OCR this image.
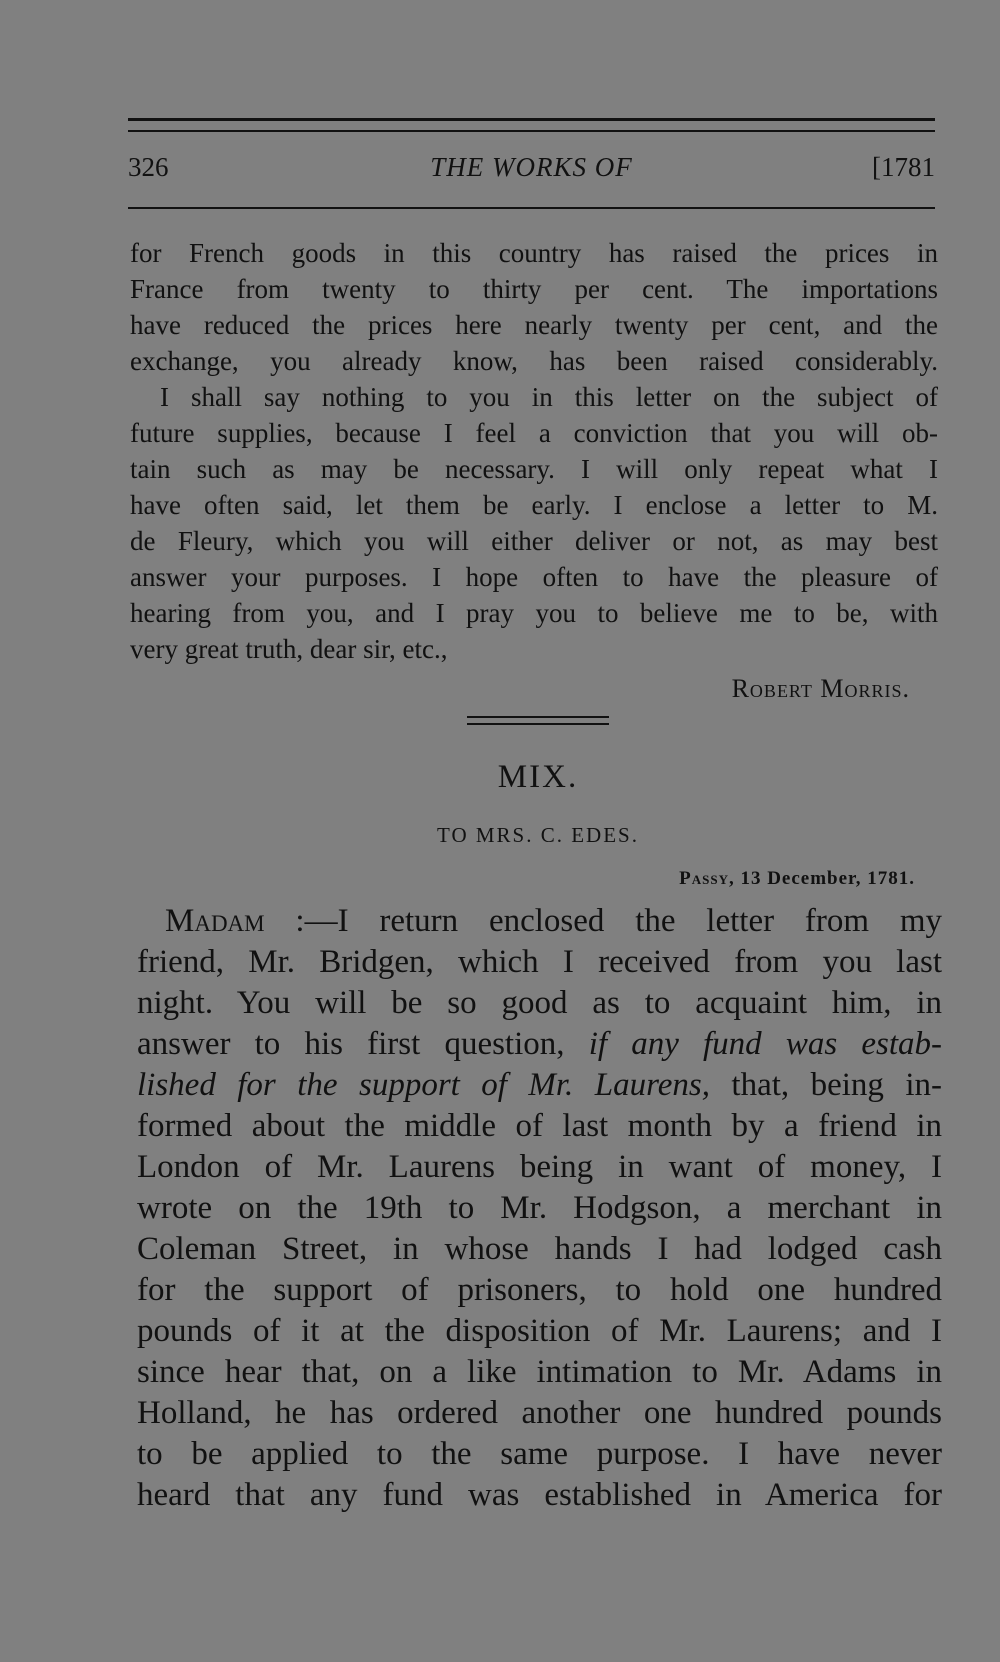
326	THE WORKS OF	[1781
for French goods in this country has raised the prices in
France from twenty to thirty per cent. The importations
have reduced the prices here nearly twenty per cent, and the
exchange, you already know, has been raised considerably.
I shall say nothing to you in this letter on the subject of
future supplies, because I feel a conviction that you will ob-
tain such as may be necessary. I will only repeat what I
have often said, let them be early. I enclose a letter to M.
de Fleury, which you will either deliver or not, as may best
answer your purposes. I hope often to have the pleasure of
hearing from you, and I pray you to believe me to be, with
very great truth, dear sir, etc.,
Robert Morris.
MIX.
TO MRS. C. EDES.
Passy, 13 December, 1781.
Madam :—I return enclosed the letter from my
friend, Mr. Bridgen, which I received from you last
night. You will be so good as to acquaint him, in
answer to his first question, if any fund was estab-
lished for the support of Mr. Laurens, that, being in-
formed about the middle of last month by a friend in
London of Mr. Laurens being in want of money, I
wrote on the 19th to Mr. Hodgson, a merchant in
Coleman Street, in whose hands I had lodged cash
for the support of prisoners, to hold one hundred
pounds of it at the disposition of Mr. Laurens; and I
since hear that, on a like intimation to Mr. Adams in
Holland, he has ordered another one hundred pounds
to be applied to the same purpose. I have never
heard that any fund was established in America for
